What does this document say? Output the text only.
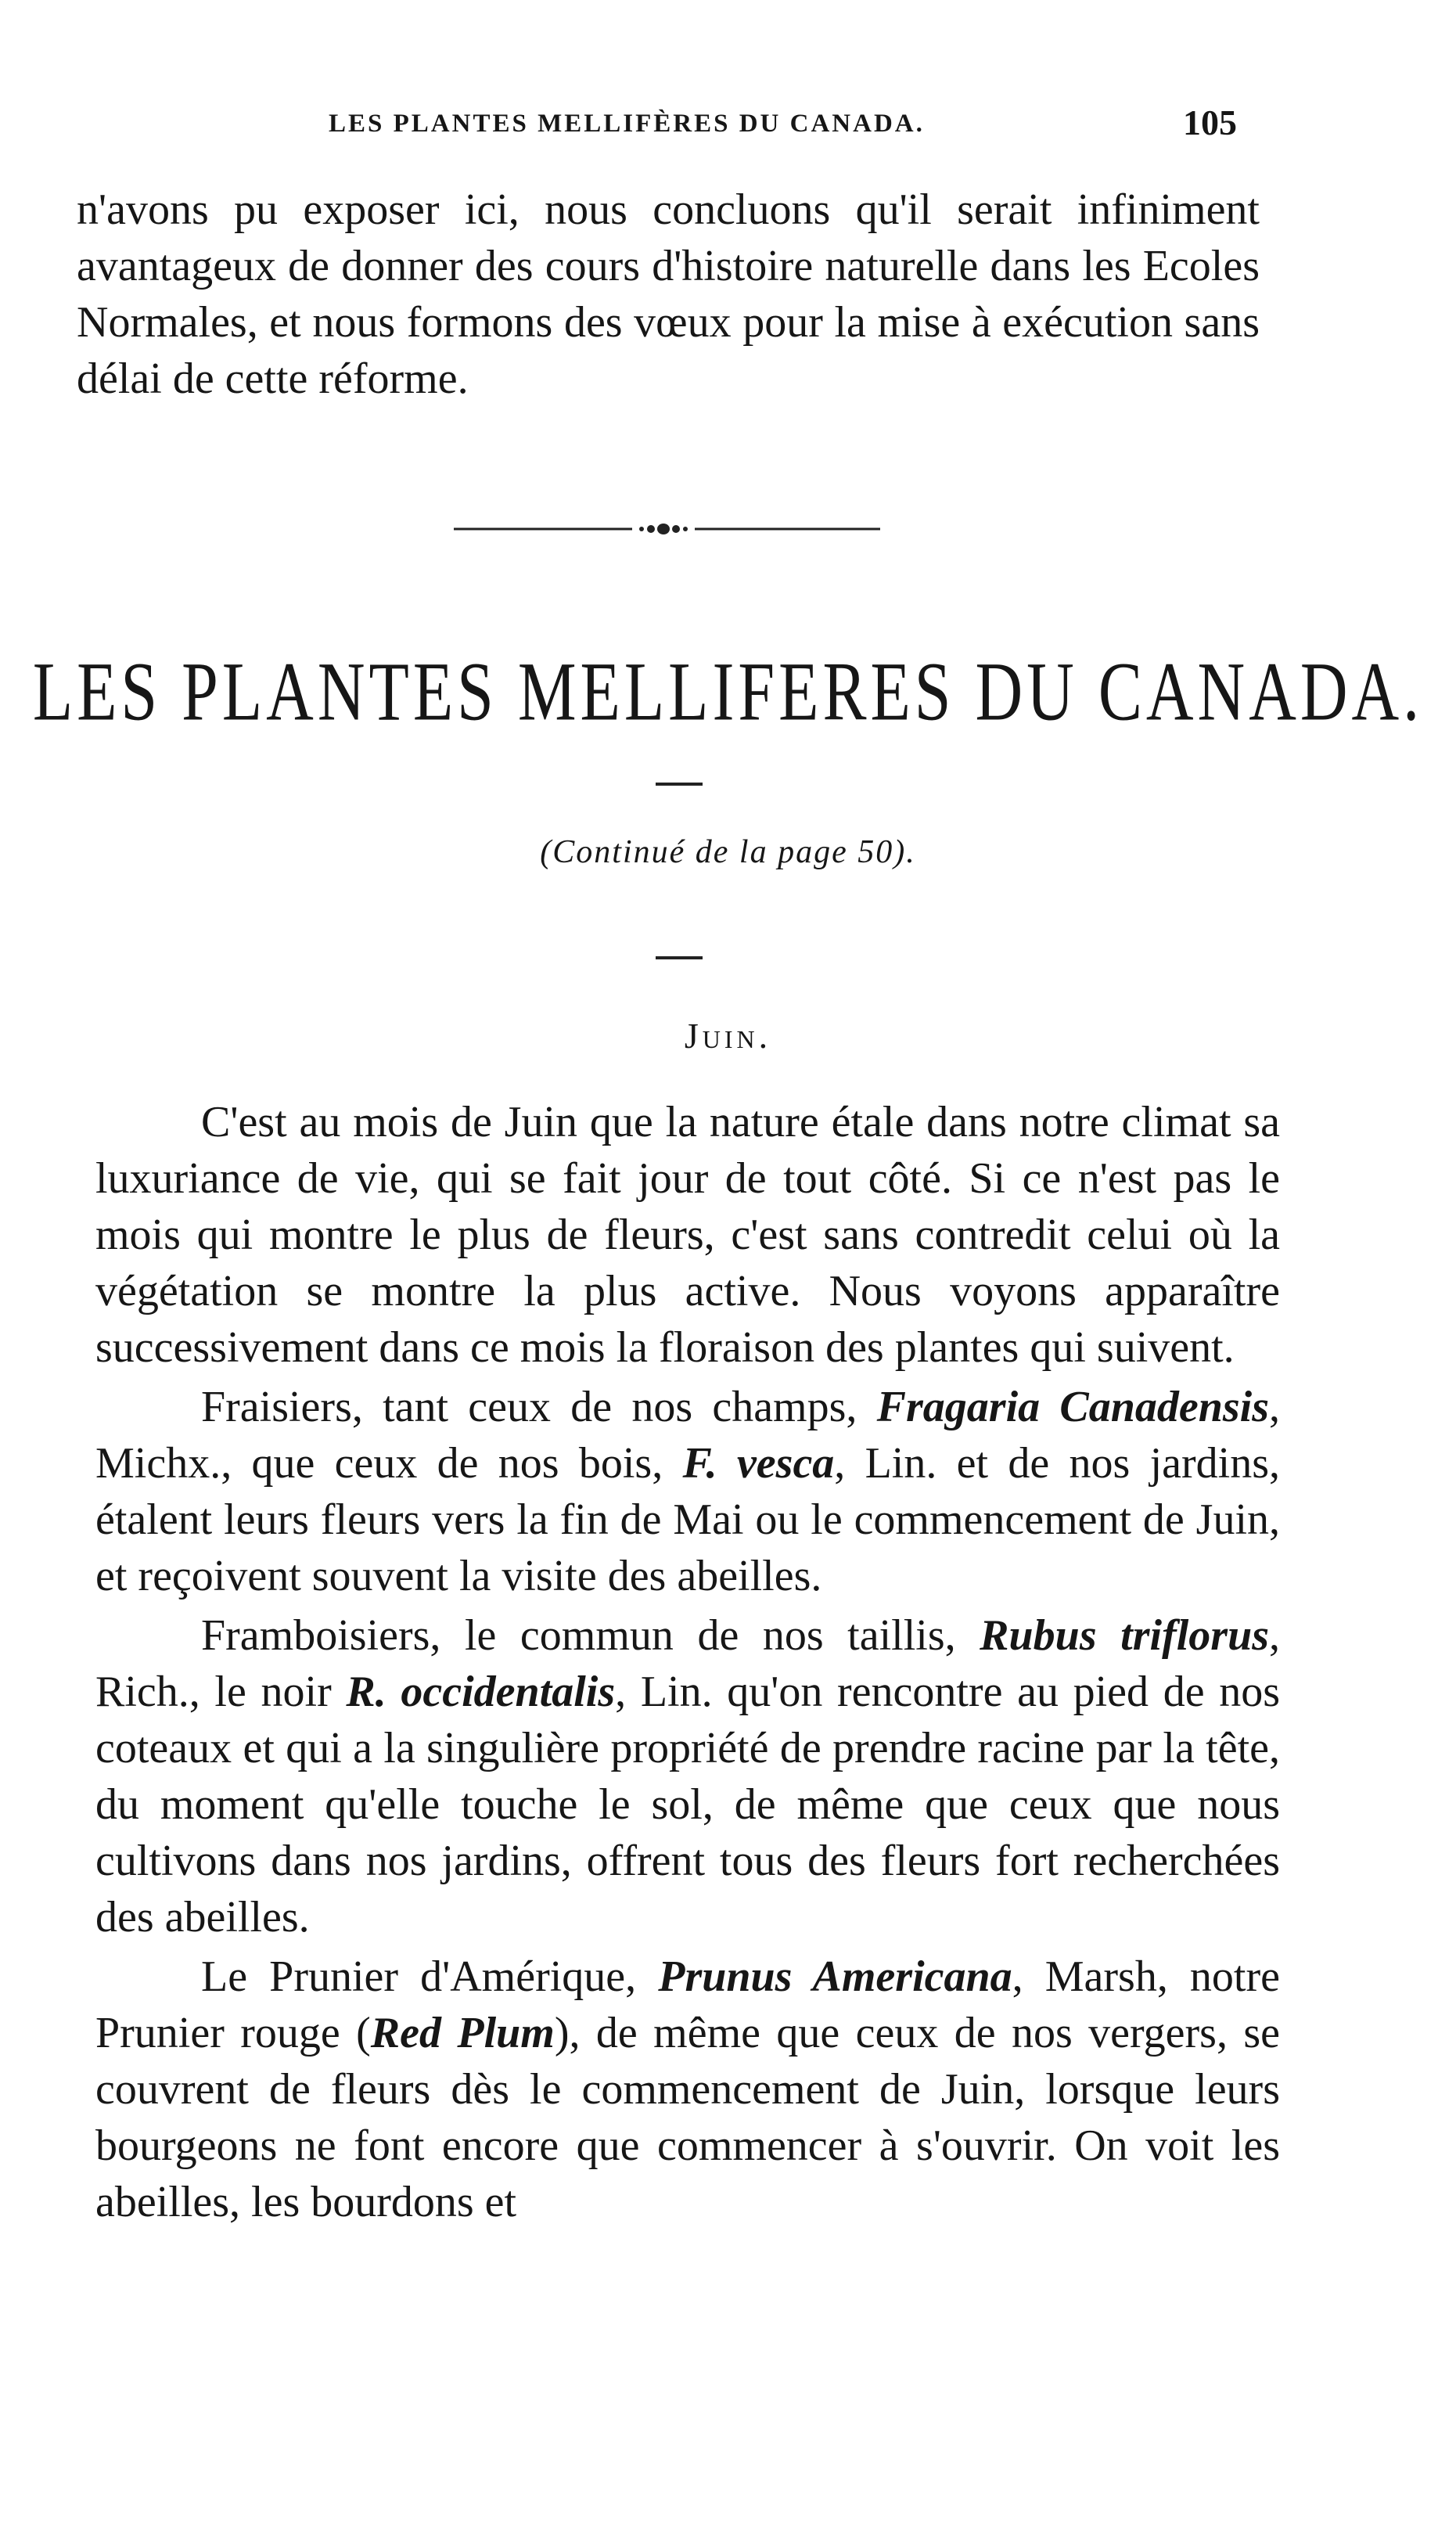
LES PLANTES MELLIFÈRES DU CANADA.	105

n'avons pu exposer ici, nous concluons qu'il serait infiniment avantageux de donner des cours d'histoire naturelle dans les Ecoles Normales, et nous formons des vœux pour la mise à exécution sans délai de cette réforme.

LES PLANTES MELLIFERES DU CANADA.
(Continué de la page 50).
Juin.

C'est au mois de Juin que la nature étale dans notre climat sa luxuriance de vie, qui se fait jour de tout côté. Si ce n'est pas le mois qui montre le plus de fleurs, c'est sans contredit celui où la végétation se montre la plus active. Nous voyons apparaître successivement dans ce mois la floraison des plantes qui suivent.

Fraisiers, tant ceux de nos champs, Fragaria Canadensis, Michx., que ceux de nos bois, F. vesca, Lin. et de nos jardins, étalent leurs fleurs vers la fin de Mai ou le commencement de Juin, et reçoivent souvent la visite des abeilles.

Framboisiers, le commun de nos taillis, Rubus triflorus, Rich., le noir R. occidentalis, Lin. qu'on rencontre au pied de nos coteaux et qui a la singulière propriété de prendre racine par la tête, du moment qu'elle touche le sol, de même que ceux que nous cultivons dans nos jardins, offrent tous des fleurs fort recherchées des abeilles.

Le Prunier d'Amérique, Prunus Americana, Marsh, notre Prunier rouge (Red Plum), de même que ceux de nos vergers, se couvrent de fleurs dès le commencement de Juin, lorsque leurs bourgeons ne font encore que commencer à s'ouvrir. On voit les abeilles, les bourdons et
